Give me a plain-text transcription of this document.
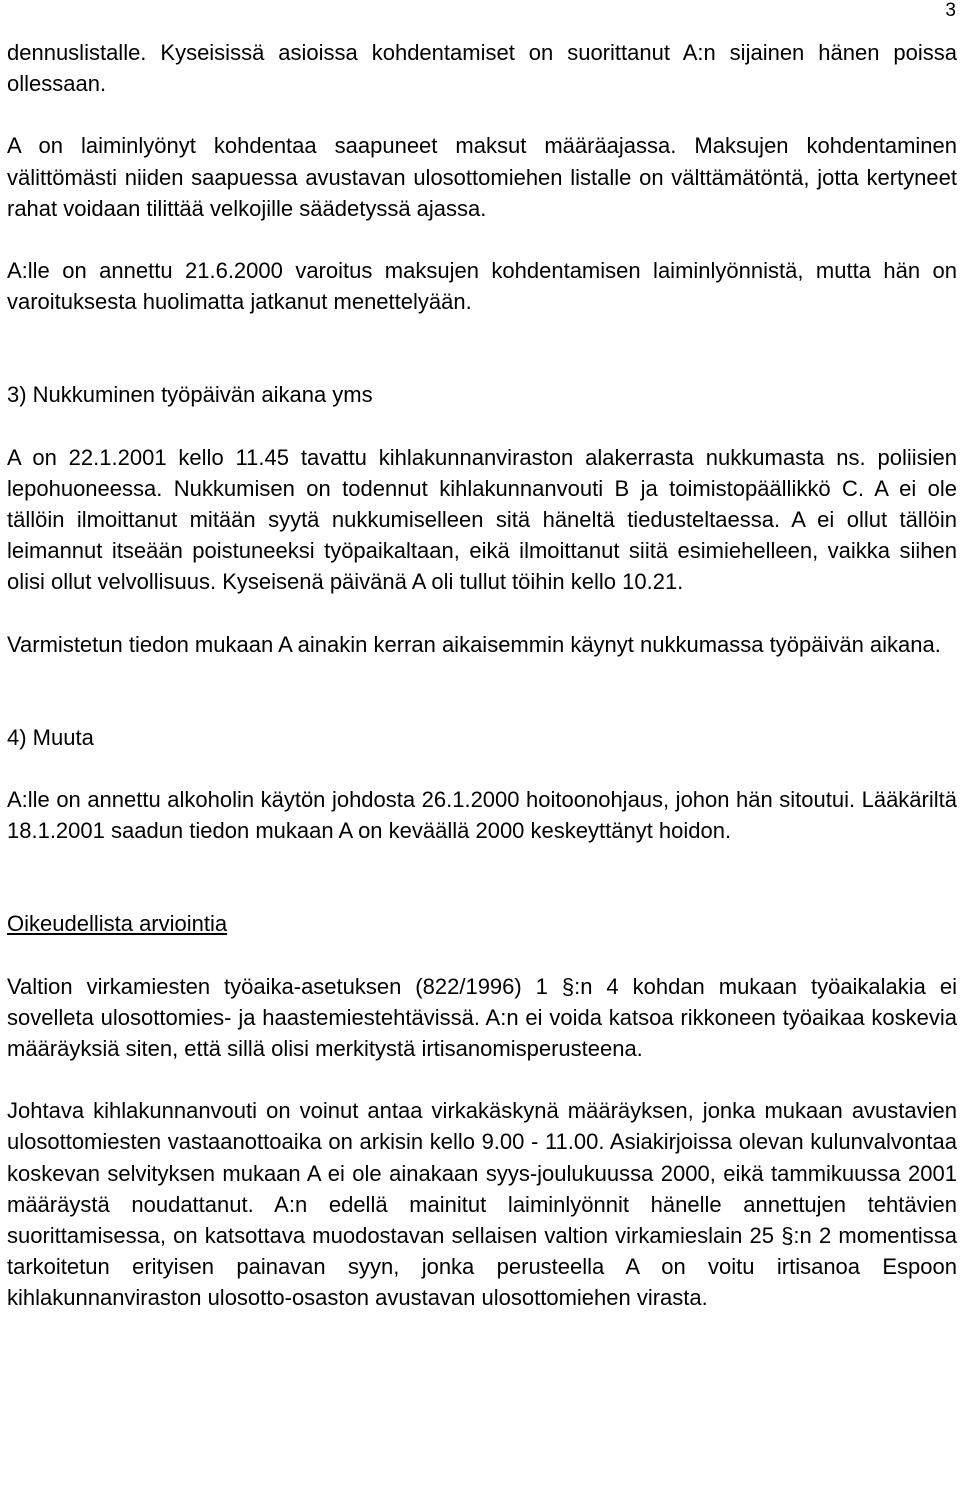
3

dennuslistalle. Kyseisissä asioissa kohdentamiset on suorittanut A:n sijainen hänen poissa ollessaan.

A on laiminlyönyt kohdentaa saapuneet maksut määräajassa. Maksujen kohdentaminen välittömästi niiden saapuessa avustavan ulosottomiehen listalle on välttämätöntä, jotta kertyneet rahat voidaan tilittää velkojille säädetyssä ajassa.

A:lle on annettu 21.6.2000 varoitus maksujen kohdentamisen laiminlyönnistä, mutta hän on varoituksesta huolimatta jatkanut menettelyään.

3) Nukkuminen työpäivän aikana yms

A on 22.1.2001 kello 11.45 tavattu kihlakunnanviraston alakerrasta nukkumasta ns. poliisien lepohuoneessa. Nukkumisen on todennut kihlakunnanvouti B ja toimistopäällikkö C. A ei ole tällöin ilmoittanut mitään syytä nukkumiselleen sitä häneltä tiedusteltaessa. A ei ollut tällöin leimannut itseään poistuneeksi työpaikaltaan, eikä ilmoittanut siitä esimiehelleen, vaikka siihen olisi ollut velvollisuus. Kyseisenä päivänä A oli tullut töihin kello 10.21.

Varmistetun tiedon mukaan A ainakin kerran aikaisemmin käynyt nukkumassa työpäivän aikana.

4) Muuta

A:lle on annettu alkoholin käytön johdosta 26.1.2000 hoitoonohjaus, johon hän sitoutui. Lääkäriltä 18.1.2001 saadun tiedon mukaan A on keväällä 2000 keskeyttänyt hoidon.

Oikeudellista arviointia

Valtion virkamiesten työaika-asetuksen (822/1996) 1 §:n 4 kohdan mukaan työaikalakia ei sovelleta ulosottomies- ja haastemiestehtävissä. A:n ei voida katsoa rikkoneen työaikaa koskevia määräyksiä siten, että sillä olisi merkitystä irtisanomisperusteena.

Johtava kihlakunnanvouti on voinut antaa virkakäskynä määräyksen, jonka mukaan avustavien ulosottomiesten vastaanottoaika on arkisin kello 9.00 - 11.00. Asiakirjoissa olevan kulunvalvontaa koskevan selvityksen mukaan A ei ole ainakaan syys-joulukuussa 2000, eikä tammikuussa 2001 määräystä noudattanut. A:n edellä mainitut laiminlyönnit hänelle annettujen tehtävien suorittamisessa, on katsottava muodostavan sellaisen valtion virkamieslain 25 §:n 2 momentissa tarkoitetun erityisen painavan syyn, jonka perusteella A on voitu irtisanoa Espoon kihlakunnanviraston ulosotto-osaston avustavan ulosottomiehen virasta.
